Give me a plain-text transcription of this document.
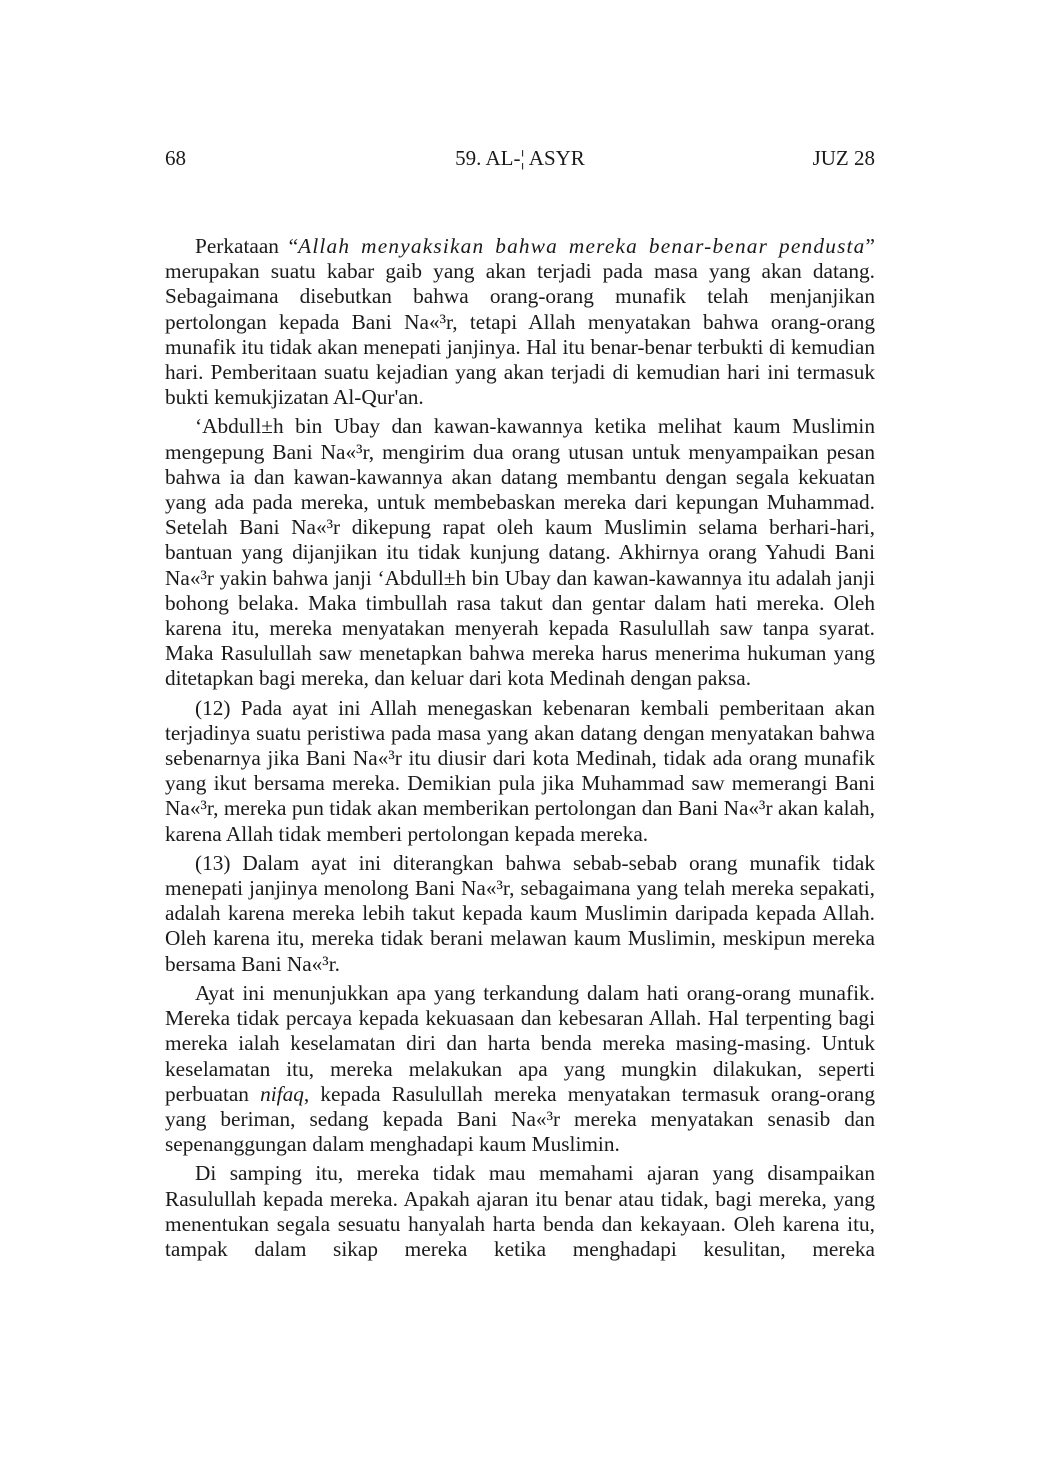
68	59. AL-¦ ASYR	JUZ 28

Perkataan “Allah menyaksikan bahwa mereka benar-benar pendusta” merupakan suatu kabar gaib yang akan terjadi pada masa yang akan datang. Sebagaimana disebutkan bahwa orang-orang munafik telah menjanjikan pertolongan kepada Bani Na«³r, tetapi Allah menyatakan bahwa orang-orang munafik itu tidak akan menepati janjinya. Hal itu benar-benar terbukti di kemudian hari. Pemberitaan suatu kejadian yang akan terjadi di kemudian hari ini termasuk bukti kemukjizatan Al-Qur'an.

‘Abdull±h bin Ubay dan kawan-kawannya ketika melihat kaum Muslimin mengepung Bani Na«³r, mengirim dua orang utusan untuk menyampaikan pesan bahwa ia dan kawan-kawannya akan datang membantu dengan segala kekuatan yang ada pada mereka, untuk membebaskan mereka dari kepungan Muhammad. Setelah Bani Na«³r dikepung rapat oleh kaum Muslimin selama berhari-hari, bantuan yang dijanjikan itu tidak kunjung datang. Akhirnya orang Yahudi Bani Na«³r yakin bahwa janji ‘Abdull±h bin Ubay dan kawan-kawannya itu adalah janji bohong belaka. Maka timbullah rasa takut dan gentar dalam hati mereka. Oleh karena itu, mereka menyatakan menyerah kepada Rasulullah saw tanpa syarat. Maka Rasulullah saw menetapkan bahwa mereka harus menerima hukuman yang ditetapkan bagi mereka, dan keluar dari kota Medinah dengan paksa.

(12) Pada ayat ini Allah menegaskan kebenaran kembali pemberitaan akan terjadinya suatu peristiwa pada masa yang akan datang dengan menyatakan bahwa sebenarnya jika Bani Na«³r itu diusir dari kota Medinah, tidak ada orang munafik yang ikut bersama mereka. Demikian pula jika Muhammad saw memerangi Bani Na«³r, mereka pun tidak akan memberikan pertolongan dan Bani Na«³r akan kalah, karena Allah tidak memberi pertolongan kepada mereka.

(13) Dalam ayat ini diterangkan bahwa sebab-sebab orang munafik tidak menepati janjinya menolong Bani Na«³r, sebagaimana yang telah mereka sepakati, adalah karena mereka lebih takut kepada kaum Muslimin daripada kepada Allah. Oleh karena itu, mereka tidak berani melawan kaum Muslimin, meskipun mereka bersama Bani Na«³r.

Ayat ini menunjukkan apa yang terkandung dalam hati orang-orang munafik. Mereka tidak percaya kepada kekuasaan dan kebesaran Allah. Hal terpenting bagi mereka ialah keselamatan diri dan harta benda mereka masing-masing. Untuk keselamatan itu, mereka melakukan apa yang mungkin dilakukan, seperti perbuatan nifaq, kepada Rasulullah mereka menyatakan termasuk orang-orang yang beriman, sedang kepada Bani Na«³r mereka menyatakan senasib dan sepenanggungan dalam menghadapi kaum Muslimin.

Di samping itu, mereka tidak mau memahami ajaran yang disampaikan Rasulullah kepada mereka. Apakah ajaran itu benar atau tidak, bagi mereka, yang menentukan segala sesuatu hanyalah harta benda dan kekayaan. Oleh karena itu, tampak dalam sikap mereka ketika menghadapi kesulitan, mereka
